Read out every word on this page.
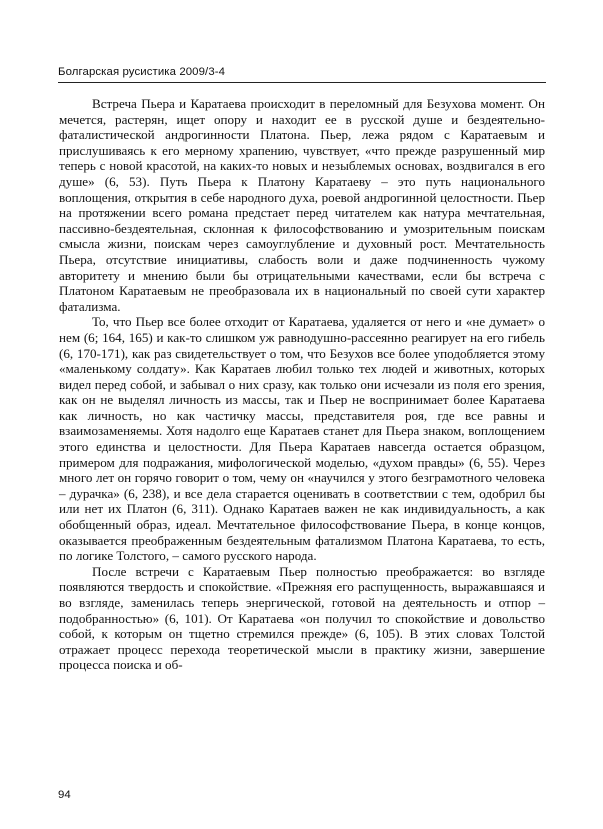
Болгарская русистика 2009/3-4

Встреча Пьера и Каратаева происходит в переломный для Безухова момент. Он мечется, растерян, ищет опору и находит ее в русской душе и бездеятельно-фаталистической андрогинности Платона. Пьер, лежа рядом с Каратаевым и прислушиваясь к его мерному храпению, чувствует, «что прежде разрушенный мир теперь с новой красотой, на каких-то новых и незыблемых основах, воздвигался в его душе» (6, 53). Путь Пьера к Платону Каратаеву – это путь национального воплощения, открытия в себе народного духа, роевой андрогинной целостности. Пьер на протяжении всего романа предстает перед читателем как натура мечтательная, пассивно-бездеятельная, склонная к философствованию и умозрительным поискам смысла жизни, поискам через самоуглубление и духовный рост. Мечтательность Пьера, отсутствие инициативы, слабость воли и даже подчиненность чужому авторитету и мнению были бы отрицательными качествами, если бы встреча с Платоном Каратаевым не преобразовала их в национальный по своей сути характер фатализма.

То, что Пьер все более отходит от Каратаева, удаляется от него и «не думает» о нем (6; 164, 165) и как-то слишком уж равнодушно-рассеянно реагирует на его гибель (6, 170-171), как раз свидетельствует о том, что Безухов все более уподобляется этому «маленькому солдату». Как Каратаев любил только тех людей и животных, которых видел перед собой, и забывал о них сразу, как только они исчезали из поля его зрения, как он не выделял личность из массы, так и Пьер не воспринимает более Каратаева как личность, но как частичку массы, представителя роя, где все равны и взаимозаменяемы. Хотя надолго еще Каратаев станет для Пьера знаком, воплощением этого единства и целостности. Для Пьера Каратаев навсегда остается образцом, примером для подражания, мифологической моделью, «духом правды» (6, 55). Через много лет он горячо говорит о том, чему он «научился у этого безграмотного человека – дурачка» (6, 238), и все дела старается оценивать в соответствии с тем, одобрил бы или нет их Платон (6, 311). Однако Каратаев важен не как индивидуальность, а как обобщенный образ, идеал. Мечтательное философствование Пьера, в конце концов, оказывается преображенным бездеятельным фатализмом Платона Каратаева, то есть, по логике Толстого, – самого русского народа.

После встречи с Каратаевым Пьер полностью преображается: во взгляде появляются твердость и спокойствие. «Прежняя его распущенность, выражавшаяся и во взгляде, заменилась теперь энергической, готовой на деятельность и отпор – подобранностью» (6, 101). От Каратаева «он получил то спокойствие и довольство собой, к которым он тщетно стремился прежде» (6, 105). В этих словах Толстой отражает процесс перехода теоретической мысли в практику жизни, завершение процесса поиска и об-

94
